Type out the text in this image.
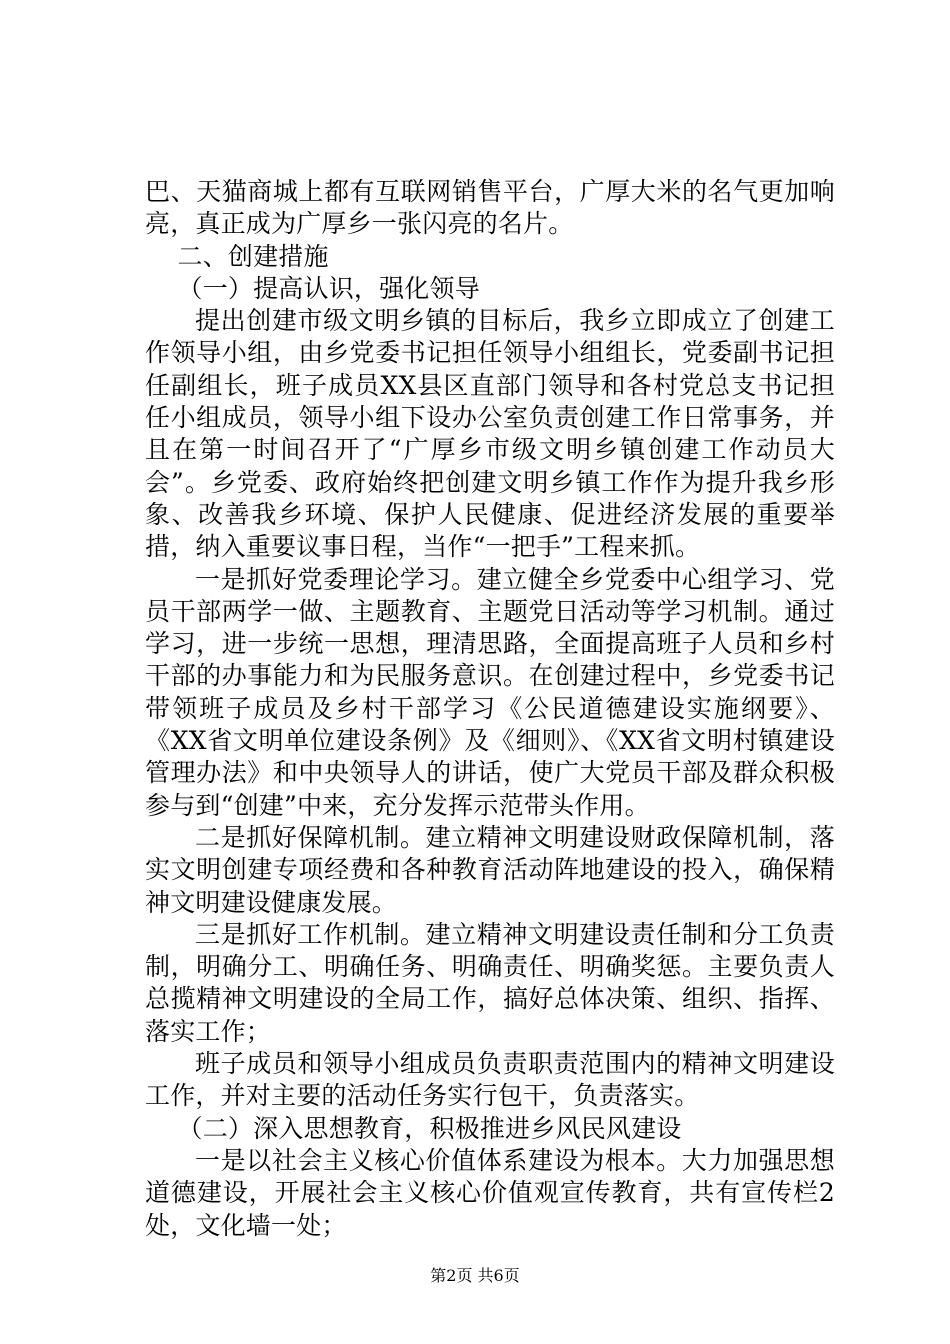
巴、天猫商城上都有互联网销售平台，广厚大米的名气更加响亮，真正成为广厚乡一张闪亮的名片。

二、创建措施

（一）提高认识，强化领导

提出创建市级文明乡镇的目标后，我乡立即成立了创建工作领导小组，由乡党委书记担任领导小组组长，党委副书记担任副组长，班子成员XX县区直部门领导和各村党总支书记担任小组成员，领导小组下设办公室负责创建工作日常事务，并且在第一时间召开了“广厚乡市级文明乡镇创建工作动员大会”。乡党委、政府始终把创建文明乡镇工作作为提升我乡形象、改善我乡环境、保护人民健康、促进经济发展的重要举措，纳入重要议事日程，当作“一把手”工程来抓。

一是抓好党委理论学习。建立健全乡党委中心组学习、党员干部两学一做、主题教育、主题党日活动等学习机制。通过学习，进一步统一思想，理清思路，全面提高班子人员和乡村干部的办事能力和为民服务意识。在创建过程中，乡党委书记带领班子成员及乡村干部学习《公民道德建设实施纲要》、《XX省文明单位建设条例》及《细则》、《XX省文明村镇建设管理办法》和中央领导人的讲话，使广大党员干部及群众积极参与到“创建”中来，充分发挥示范带头作用。

二是抓好保障机制。建立精神文明建设财政保障机制，落实文明创建专项经费和各种教育活动阵地建设的投入，确保精神文明建设健康发展。

三是抓好工作机制。建立精神文明建设责任制和分工负责制，明确分工、明确任务、明确责任、明确奖惩。主要负责人总揽精神文明建设的全局工作，搞好总体决策、组织、指挥、落实工作；

班子成员和领导小组成员负责职责范围内的精神文明建设工作，并对主要的活动任务实行包干，负责落实。

（二）深入思想教育，积极推进乡风民风建设

一是以社会主义核心价值体系建设为根本。大力加强思想道德建设，开展社会主义核心价值观宣传教育，共有宣传栏2处，文化墙一处；

第2页 共6页
